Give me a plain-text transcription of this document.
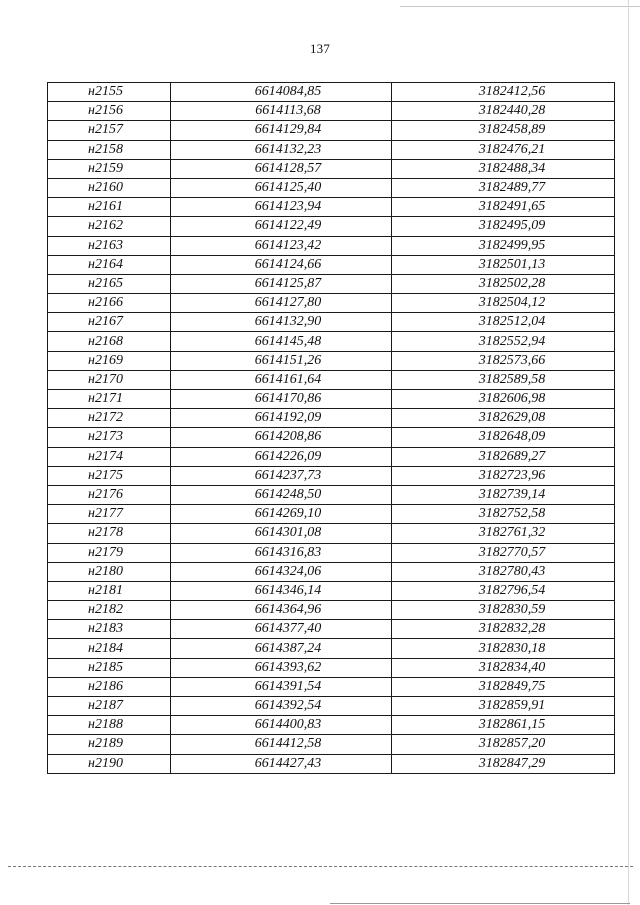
137
н2155	6614084,85	3182412,56
н2156	6614113,68	3182440,28
н2157	6614129,84	3182458,89
н2158	6614132,23	3182476,21
н2159	6614128,57	3182488,34
н2160	6614125,40	3182489,77
н2161	6614123,94	3182491,65
н2162	6614122,49	3182495,09
н2163	6614123,42	3182499,95
н2164	6614124,66	3182501,13
н2165	6614125,87	3182502,28
н2166	6614127,80	3182504,12
н2167	6614132,90	3182512,04
н2168	6614145,48	3182552,94
н2169	6614151,26	3182573,66
н2170	6614161,64	3182589,58
н2171	6614170,86	3182606,98
н2172	6614192,09	3182629,08
н2173	6614208,86	3182648,09
н2174	6614226,09	3182689,27
н2175	6614237,73	3182723,96
н2176	6614248,50	3182739,14
н2177	6614269,10	3182752,58
н2178	6614301,08	3182761,32
н2179	6614316,83	3182770,57
н2180	6614324,06	3182780,43
н2181	6614346,14	3182796,54
н2182	6614364,96	3182830,59
н2183	6614377,40	3182832,28
н2184	6614387,24	3182830,18
н2185	6614393,62	3182834,40
н2186	6614391,54	3182849,75
н2187	6614392,54	3182859,91
н2188	6614400,83	3182861,15
н2189	6614412,58	3182857,20
н2190	6614427,43	3182847,29
